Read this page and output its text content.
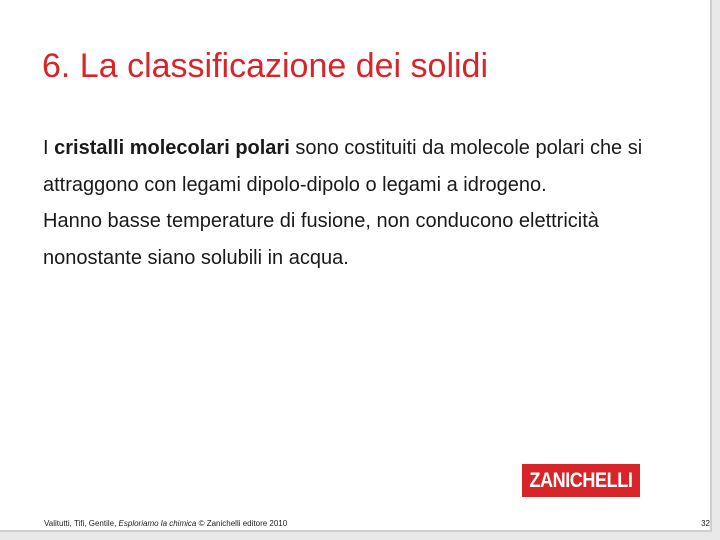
6. La classificazione dei solidi

I cristalli molecolari polari sono costituiti da molecole polari che si attraggono con legami dipolo-dipolo o legami a idrogeno.

Hanno basse temperature di fusione, non conducono elettricità nonostante siano solubili in acqua.

ZANICHELLI
Valitutti, Tifi, Gentile, Esploriamo la chimica © Zanichelli editore 2010	32
